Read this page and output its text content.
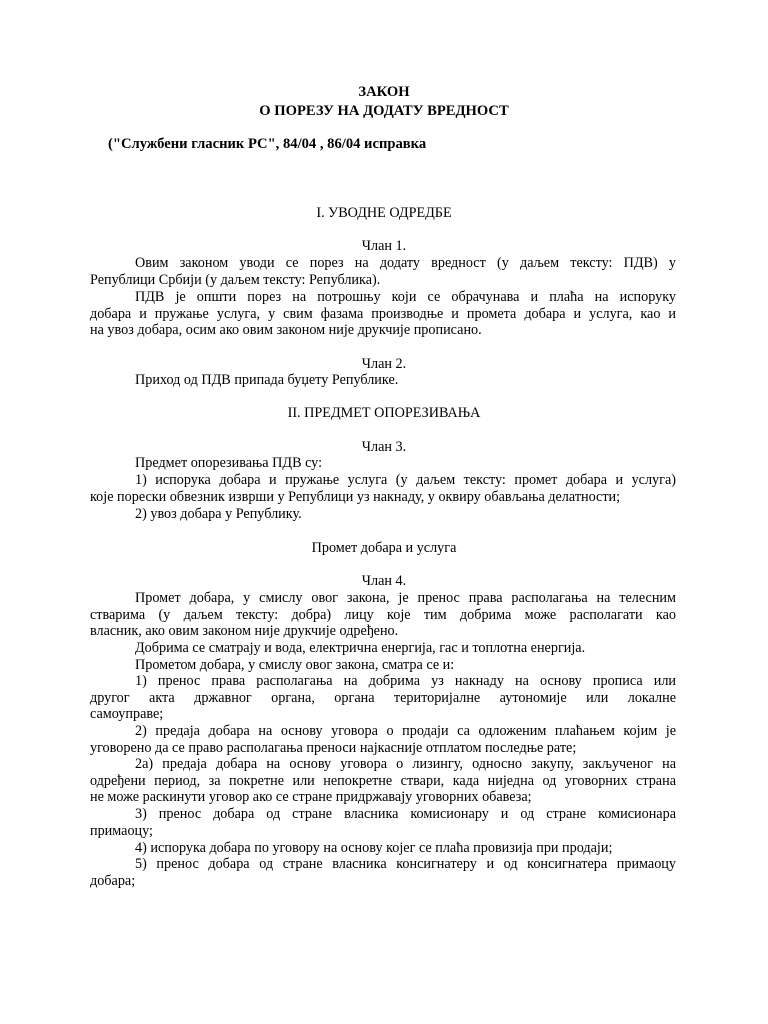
ЗАКОН
О ПОРЕЗУ НА ДОДАТУ ВРЕДНОСТ
("Службени гласник РС", 84/04 , 86/04 исправка
I. УВОДНЕ ОДРЕДБЕ
Члан 1.
Овим законом уводи се порез на додату вредност (у даљем тексту: ПДВ) у
Републици Србији (у даљем тексту: Република).
ПДВ је општи порез на потрошњу који се обрачунава и плаћа на испоруку
добара и пружање услуга, у свим фазама производње и промета добара и услуга, као и
на увоз добара, осим ако овим законом није друкчије прописано.
Члан 2.
Приход од ПДВ припада буџету Републике.
II. ПРЕДМЕТ ОПОРЕЗИВАЊА
Члан 3.
Предмет опорезивања ПДВ су:
1) испорука добара и пружање услуга (у даљем тексту: промет добара и услуга)
које порески обвезник изврши у Републици уз накнаду, у оквиру обављања делатности;
2) увоз добара у Републику.
Промет добара и услуга
Члан 4.
Промет добара, у смислу овог закона, је пренос права располагања на телесним
стварима (у даљем тексту: добра) лицу које тим добрима може располагати као
власник, ако овим законом није друкчије одређено.
Добрима се сматрају и вода, електрична енергија, гас и топлотна енергија.
Прометом добара, у смислу овог закона, сматра се и:
1) пренос права располагања на добрима уз накнаду на основу прописа или
другог акта државног органа, органа територијалне аутономије или локалне
самоуправе;
2) предаја добара на основу уговора о продаји са одложеним плаћањем којим је
уговорено да се право располагања преноси најкасније отплатом последње рате;
2а) предаја добара на основу уговора о лизингу, односно закупу, закљученог на
одређени период, за покретне или непокретне ствари, када ниједна од уговорних страна
не може раскинути уговор ако се стране придржавају уговорних обавеза;
3) пренос добара од стране власника комисионару и од стране комисионара
примаоцу;
4) испорука добара по уговору на основу којег се плаћа провизија при продаји;
5) пренос добара од стране власника консигнатеру и од консигнатера примаоцу
добара;
